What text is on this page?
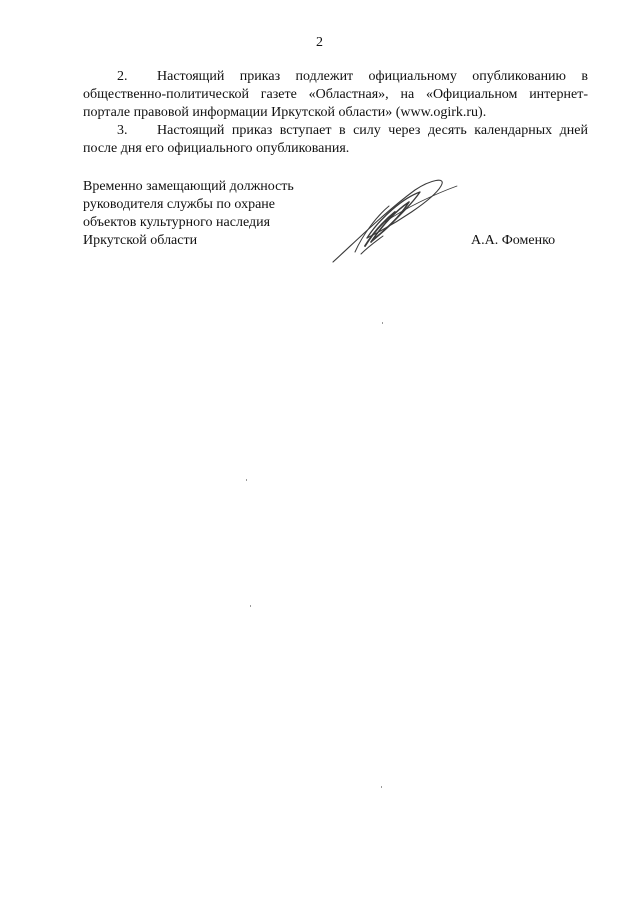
2

2. Настоящий приказ подлежит официальному опубликованию в общественно-политической газете «Областная», на «Официальном интернет-портале правовой информации Иркутской области» (www.ogirk.ru).

3. Настоящий приказ вступает в силу через десять календарных дней после дня его официального опубликования.

Временно замещающий должность
руководителя службы по охране
объектов культурного наследия
Иркутской области	А.А. Фоменко
